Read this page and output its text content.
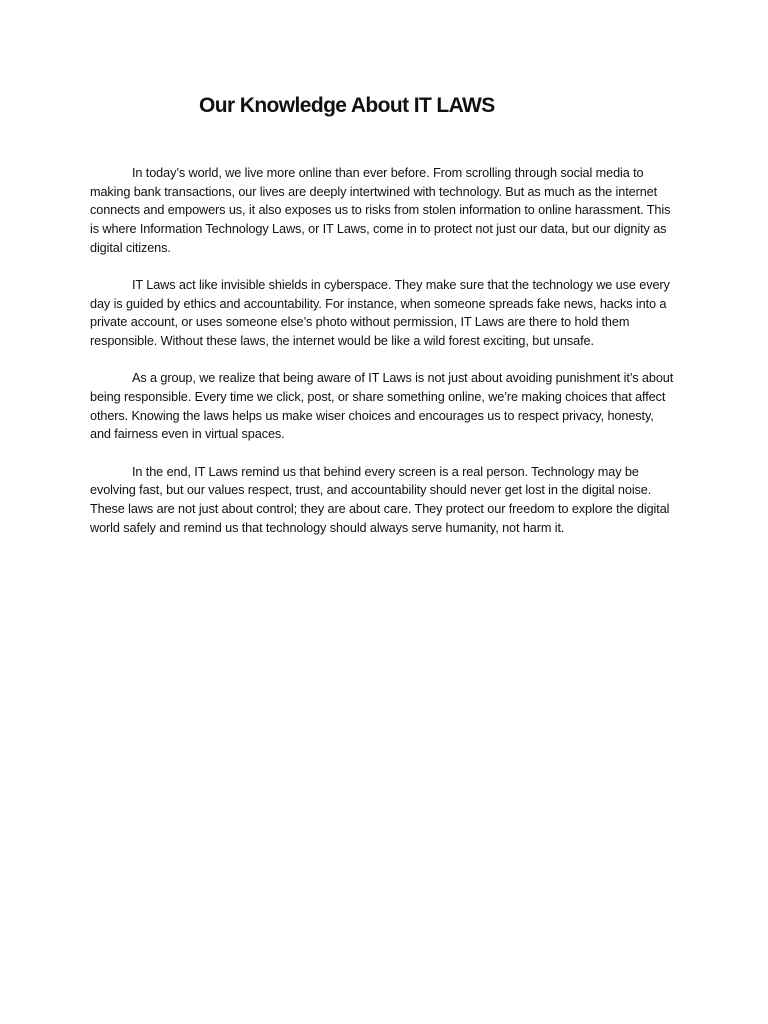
Our Knowledge About IT LAWS

In today’s world, we live more online than ever before. From scrolling through social media to making bank transactions, our lives are deeply intertwined with technology. But as much as the internet connects and empowers us, it also exposes us to risks from stolen information to online harassment. This is where Information Technology Laws, or IT Laws, come in to protect not just our data, but our dignity as digital citizens.

IT Laws act like invisible shields in cyberspace. They make sure that the technology we use every day is guided by ethics and accountability. For instance, when someone spreads fake news, hacks into a private account, or uses someone else’s photo without permission, IT Laws are there to hold them responsible. Without these laws, the internet would be like a wild forest exciting, but unsafe.

As a group, we realize that being aware of IT Laws is not just about avoiding punishment it’s about being responsible. Every time we click, post, or share something online, we’re making choices that affect others. Knowing the laws helps us make wiser choices and encourages us to respect privacy, honesty, and fairness even in virtual spaces.

In the end, IT Laws remind us that behind every screen is a real person. Technology may be evolving fast, but our values respect, trust, and accountability should never get lost in the digital noise. These laws are not just about control; they are about care. They protect our freedom to explore the digital world safely and remind us that technology should always serve humanity, not harm it.
